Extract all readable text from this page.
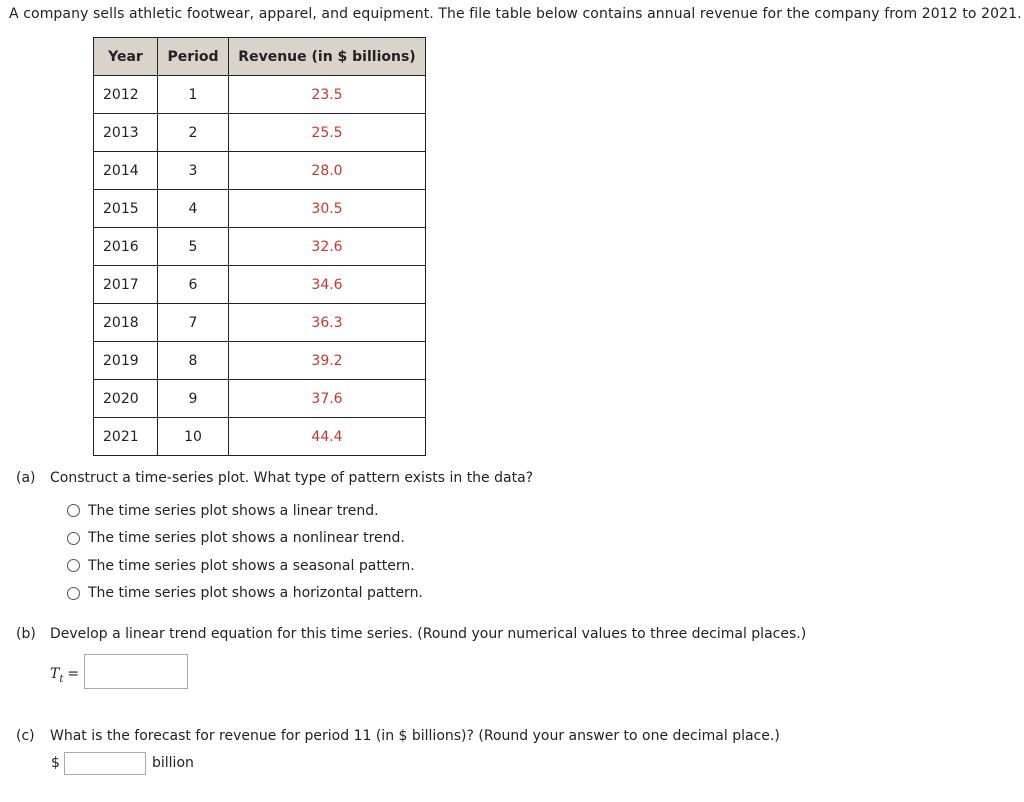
A company sells athletic footwear, apparel, and equipment. The file table below contains annual revenue for the company from 2012 to 2021.
Year	Period	Revenue (in $ billions)
2012	1	23.5
2013	2	25.5
2014	3	28.0
2015	4	30.5
2016	5	32.6
2017	6	34.6
2018	7	36.3
2019	8	39.2
2020	9	37.6
2021	10	44.4
(a) Construct a time-series plot. What type of pattern exists in the data?
The time series plot shows a linear trend.
The time series plot shows a nonlinear trend.
The time series plot shows a seasonal pattern.
The time series plot shows a horizontal pattern.
(b) Develop a linear trend equation for this time series. (Round your numerical values to three decimal places.)
$T_t$ =
(c) What is the forecast for revenue for period 11 (in $ billions)? (Round your answer to one decimal place.)
$	billion
